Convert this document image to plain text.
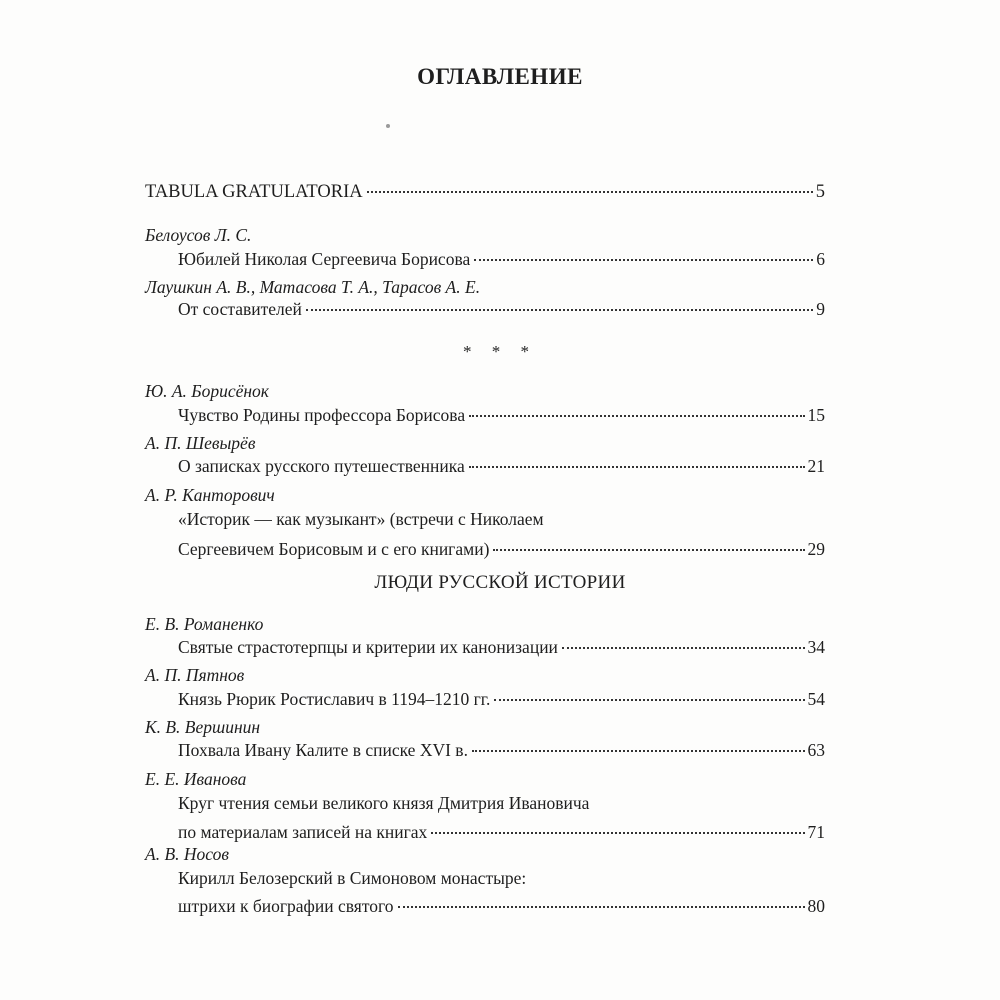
ОГЛАВЛЕНИЕ
TABULA GRATULATORIA	5
Белоусов Л. С.
Юбилей Николая Сергеевича Борисова	6
Лаушкин А. В., Матасова Т. А., Тарасов А. Е.
От составителей	9
* * *
Ю. А. Борисёнок
Чувство Родины профессора Борисова	15
А. П. Шевырёв
О записках русского путешественника	21
А. Р. Канторович
«Историк — как музыкант» (встречи с Николаем
Сергеевичем Борисовым и с его книгами)	29
ЛЮДИ РУССКОЙ ИСТОРИИ
Е. В. Романенко
Святые страстотерпцы и критерии их канонизации	34
А. П. Пятнов
Князь Рюрик Ростиславич в 1194–1210 гг.	54
К. В. Вершинин
Похвала Ивану Калите в списке XVI в.	63
Е. Е. Иванова
Круг чтения семьи великого князя Дмитрия Ивановича
по материалам записей на книгах	71
А. В. Носов
Кирилл Белозерский в Симоновом монастыре:
штрихи к биографии святого	80
